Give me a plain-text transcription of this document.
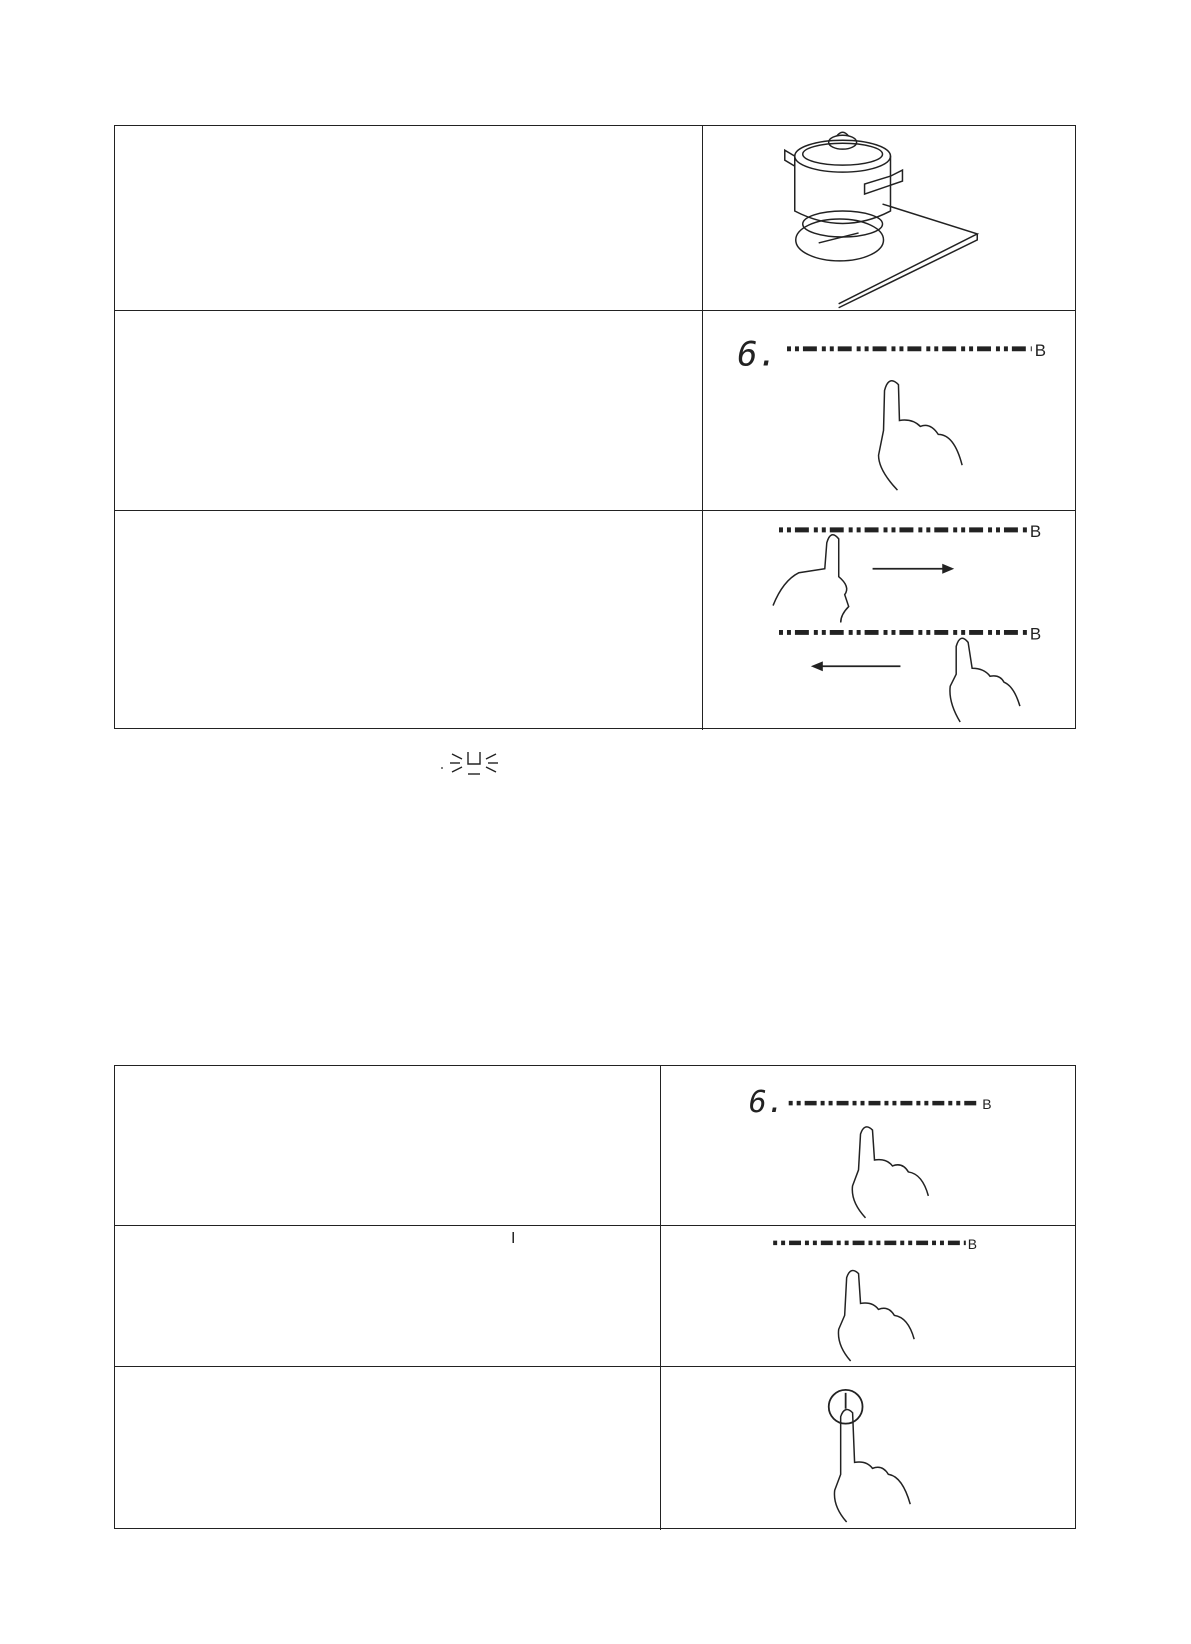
6.	B
B
B
6.	B
I	B
